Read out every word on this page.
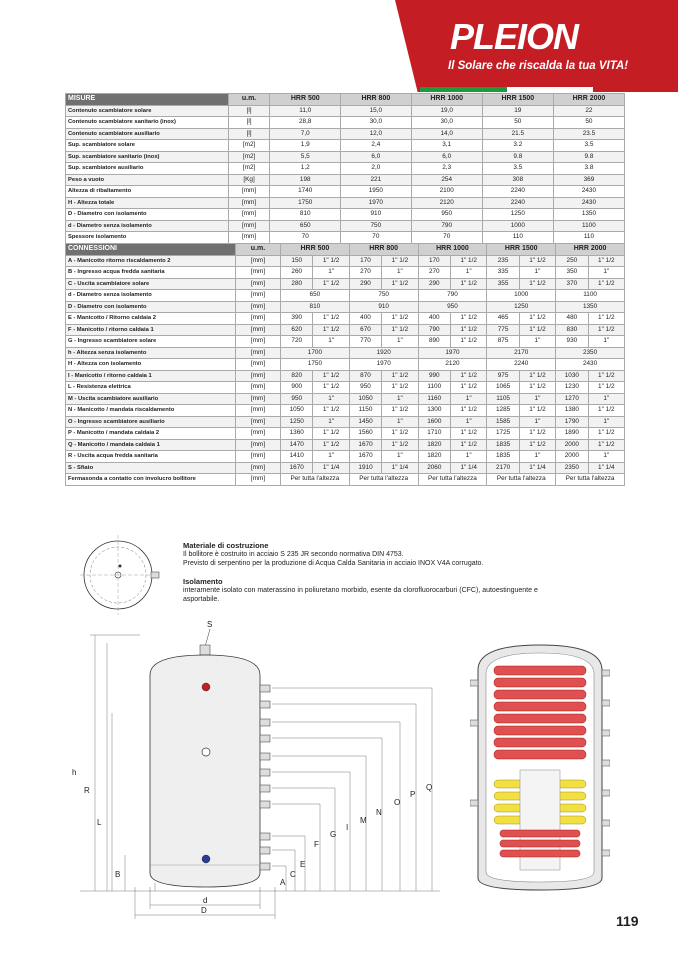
PLEION
Il Solare che riscalda la tua VITA!
MISURE	u.m.	HRR 500	HRR 800	HRR 1000	HRR 1500	HRR 2000
Contenuto scambiatore solare	[l]	11,0	15,0	19,0	19	22
Contenuto scambiatore sanitario (inox)	[l]	28,8	30,0	30,0	50	50
Contenuto scambiatore ausiliario	[l]	7,0	12,0	14,0	21.5	23.5
Sup. scambiatore solare	[m2]	1,9	2,4	3,1	3.2	3.5
Sup. scambiatore sanitario (inox)	[m2]	5,5	6,0	6,0	9.8	9.8
Sup. scambiatore ausiliario	[m2]	1,2	2,0	2,3	3.5	3.8
Peso a vuoto	[Kg]	198	221	254	308	369
Altezza di ribaltamento	[mm]	1740	1950	2100	2240	2430
H - Altezza totale	[mm]	1750	1970	2120	2240	2430
D - Diametro con isolamento	[mm]	810	910	950	1250	1350
d - Diametro senza isolamento	[mm]	650	750	790	1000	1100
Spessore isolamento	[mm]	70	70	70	110	110
CONNESSIONI	u.m.	HRR 500		HRR 800		HRR 1000		HRR 1500		HRR 2000	
A - Manicotto ritorno riscaldamento 2	[mm]	150	1" 1/2	170	1" 1/2	170	1" 1/2	235	1" 1/2	250	1" 1/2
B - Ingresso acqua fredda sanitaria	[mm]	260	1"	270	1"	270	1"	335	1"	350	1"
C - Uscita scambiatore solare	[mm]	280	1" 1/2	290	1" 1/2	290	1" 1/2	355	1" 1/2	370	1" 1/2
d - Diametro senza isolamento	[mm]	650		750		790		1000		1100	
D - Diametro con isolamento	[mm]	810		910		950		1250		1350	
E - Manicotto / Ritorno caldaia 2	[mm]	390	1" 1/2	400	1" 1/2	400	1" 1/2	465	1" 1/2	480	1" 1/2
F - Manicotto / ritorno caldaia 1	[mm]	620	1" 1/2	670	1" 1/2	790	1" 1/2	775	1" 1/2	830	1" 1/2
G - Ingresso scambiatore solare	[mm]	720	1"	770	1"	890	1" 1/2	875	1"	930	1"
h - Altezza senza isolamento	[mm]	1700		1920		1970		2170		2350	
H - Altezza con isolamento	[mm]	1750		1970		2120		2240		2430	
I - Manicotto / ritorno caldaia 1	[mm]	820	1" 1/2	870	1" 1/2	990	1" 1/2	975	1" 1/2	1030	1" 1/2
L - Resistenza elettrica	[mm]	900	1" 1/2	950	1" 1/2	1100	1" 1/2	1065	1" 1/2	1230	1" 1/2
M - Uscita scambiatore ausiliario	[mm]	950	1"	1050	1"	1160	1"	1105	1"	1270	1"
N - Manicotto / mandata riscaldamento	[mm]	1050	1" 1/2	1150	1" 1/2	1300	1" 1/2	1285	1" 1/2	1380	1" 1/2
O - Ingresso scambiatore ausiliario	[mm]	1250	1"	1450	1"	1600	1"	1585	1"	1790	1"
P - Manicotto / mandata caldaia 2	[mm]	1360	1" 1/2	1560	1" 1/2	1710	1" 1/2	1725	1" 1/2	1890	1" 1/2
Q - Manicotto / mandata caldaia 1	[mm]	1470	1" 1/2	1670	1" 1/2	1820	1" 1/2	1835	1" 1/2	2000	1" 1/2
R - Uscita acqua fredda sanitaria	[mm]	1410	1"	1670	1"	1820	1"	1835	1"	2000	1"
S - Sfiato	[mm]	1670	1" 1/4	1910	1" 1/4	2060	1" 1/4	2170	1" 1/4	2350	1" 1/4
Fermasonda a contatto con involucro bollitore	[mm]	Per tutta l'altezza		Per tutta l'altezza		Per tutta l'altezza		Per tutta l'altezza		Per tutta l'altezza	
Materiale di costruzione
Il bollitore è costruito in acciaio S 235 JR secondo normativa DIN 4753.
Previsto di serpentino per la produzione di Acqua Calda Sanitaria in acciaio INOX V4A corrugato.
Isolamento
interamente isolato con materassino in poliuretano morbido, esente da clorofluorocarburi (CFC), autoestinguente e
asportabile.
S
h
R
L
B
A
C
E
F
G
I
M
N
O
P
Q
d
D
119
